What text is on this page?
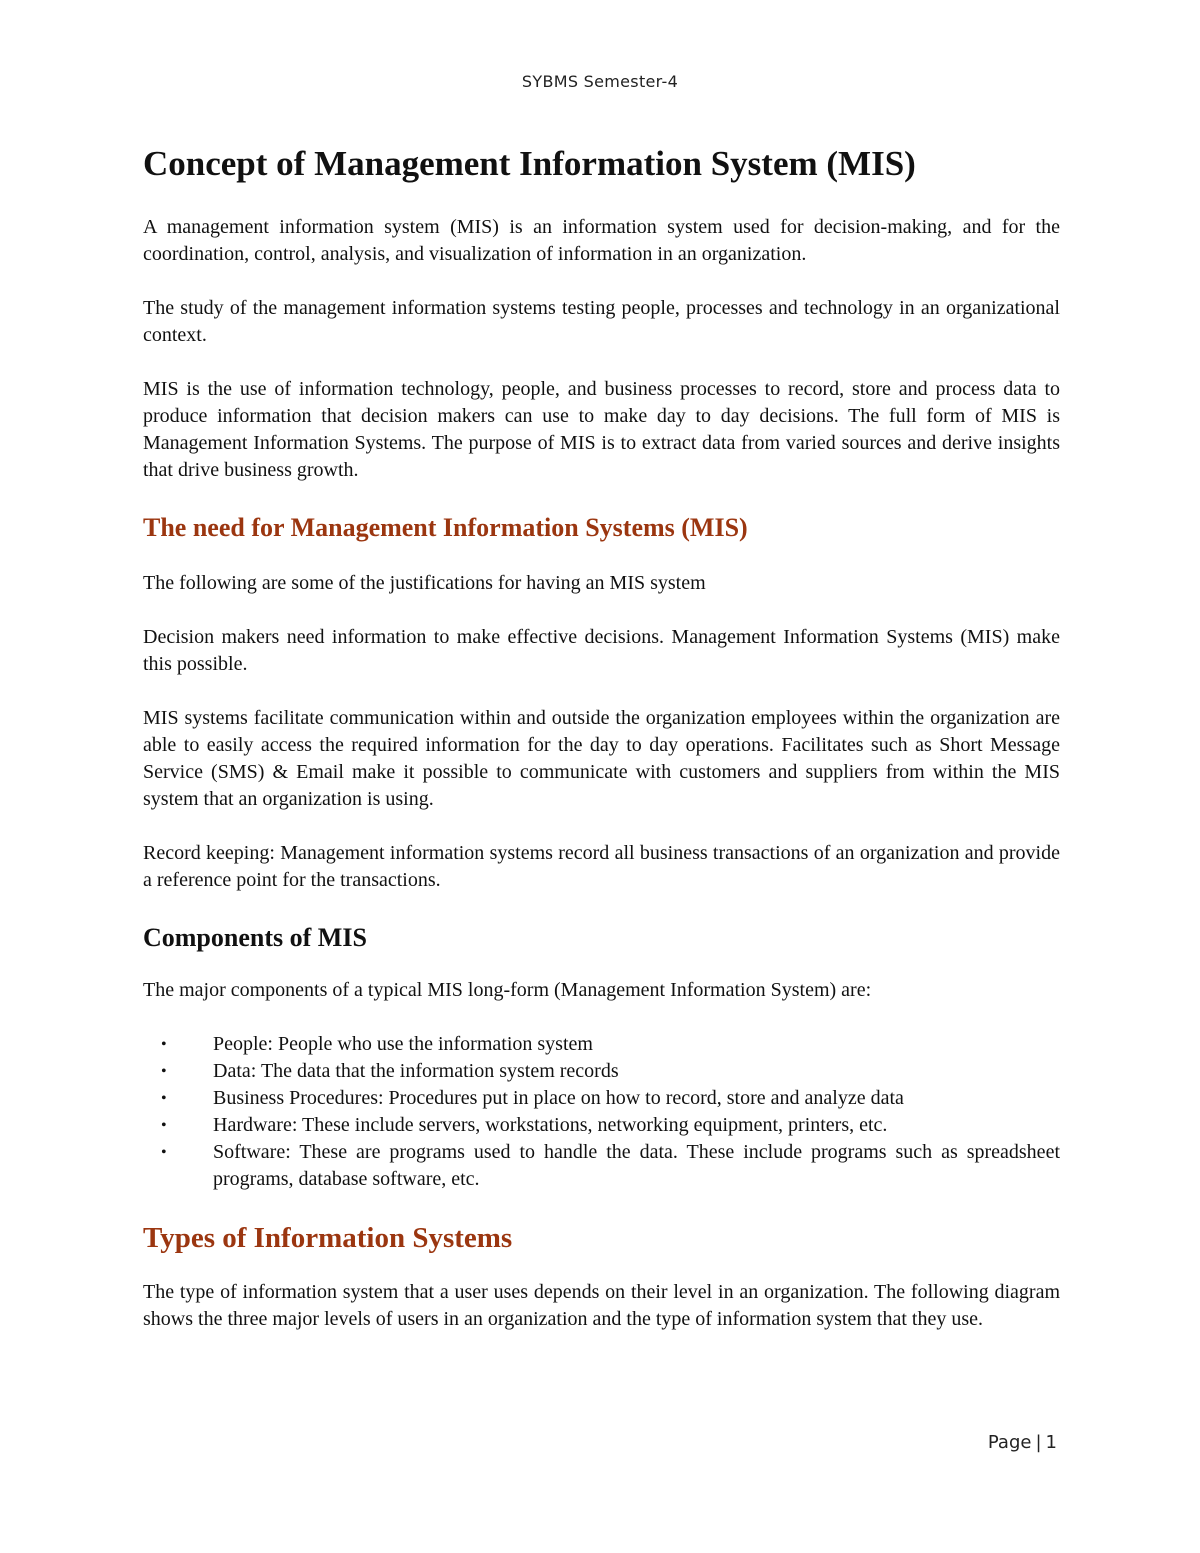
SYBMS Semester-4
Concept of Management Information System (MIS)

A management information system (MIS) is an information system used for decision-making, and for the coordination, control, analysis, and visualization of information in an organization.

The study of the management information systems testing people, processes and technology in an organizational context.

MIS is the use of information technology, people, and business processes to record, store and process data to produce information that decision makers can use to make day to day decisions. The full form of MIS is Management Information Systems. The purpose of MIS is to extract data from varied sources and derive insights that drive business growth.

The need for Management Information Systems (MIS)

The following are some of the justifications for having an MIS system

Decision makers need information to make effective decisions. Management Information Systems (MIS) make this possible.

MIS systems facilitate communication within and outside the organization employees within the organization are able to easily access the required information for the day to day operations. Facilitates such as Short Message Service (SMS) & Email make it possible to communicate with customers and suppliers from within the MIS system that an organization is using.

Record keeping: Management information systems record all business transactions of an organization and provide a reference point for the transactions.

Components of MIS

The major components of a typical MIS long-form (Management Information System) are:

• People: People who use the information system
• Data: The data that the information system records
• Business Procedures: Procedures put in place on how to record, store and analyze data
• Hardware: These include servers, workstations, networking equipment, printers, etc.
• Software: These are programs used to handle the data. These include programs such as spreadsheet programs, database software, etc.
Types of Information Systems

The type of information system that a user uses depends on their level in an organization. The following diagram shows the three major levels of users in an organization and the type of information system that they use.

Page | 1
